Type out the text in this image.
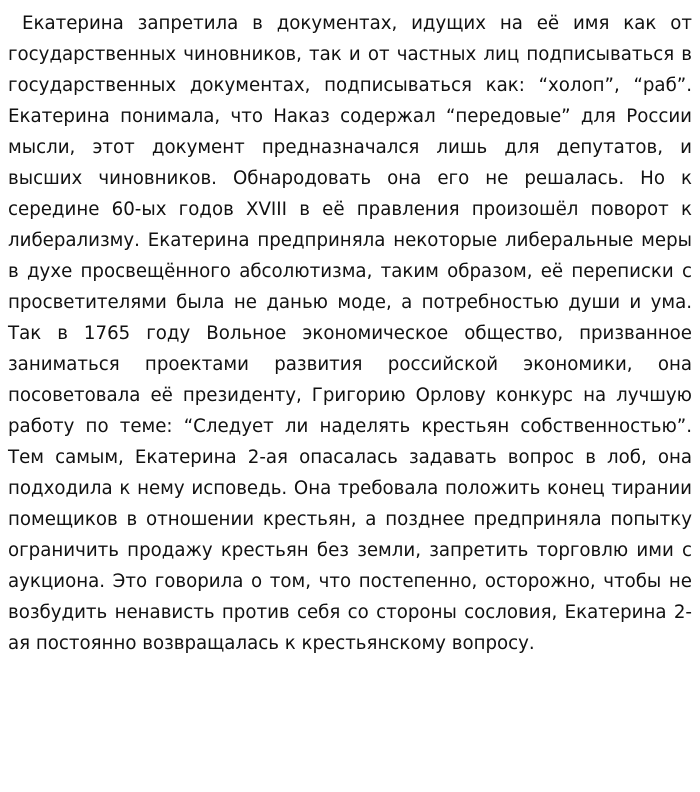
Екатерина запретила в документах, идущих на её имя как от государственных чиновников, так и от частных лиц подписываться в государственных документах, подписываться как: “холоп”, “раб”. Екатерина понимала, что Наказ содержал “передовые” для России мысли, этот документ предназначался лишь для депутатов, и высших чиновников. Обнародовать она его не решалась. Но к середине 60-ых годов XVIII в её правления произошёл поворот к либерализму. Екатерина предприняла некоторые либеральные меры в духе просвещённого абсолютизма, таким образом, её переписки с просветителями была не данью моде, а потребностью души и ума. Так в 1765 году Вольное экономическое общество, призванное заниматься проектами развития российской экономики, она посоветовала её президенту, Григорию Орлову конкурс на лучшую работу по теме: “Следует ли наделять крестьян собственностью”. Тем самым, Екатерина 2-ая опасалась задавать вопрос в лоб, она подходила к нему исповедь. Она требовала положить конец тирании помещиков в отношении крестьян, а позднее предприняла попытку ограничить продажу крестьян без земли, запретить торговлю ими с аукциона. Это говорила о том, что постепенно, осторожно, чтобы не возбудить ненависть против себя со стороны сословия, Екатерина 2-ая постоянно возвращалась к крестьянскому вопросу.
